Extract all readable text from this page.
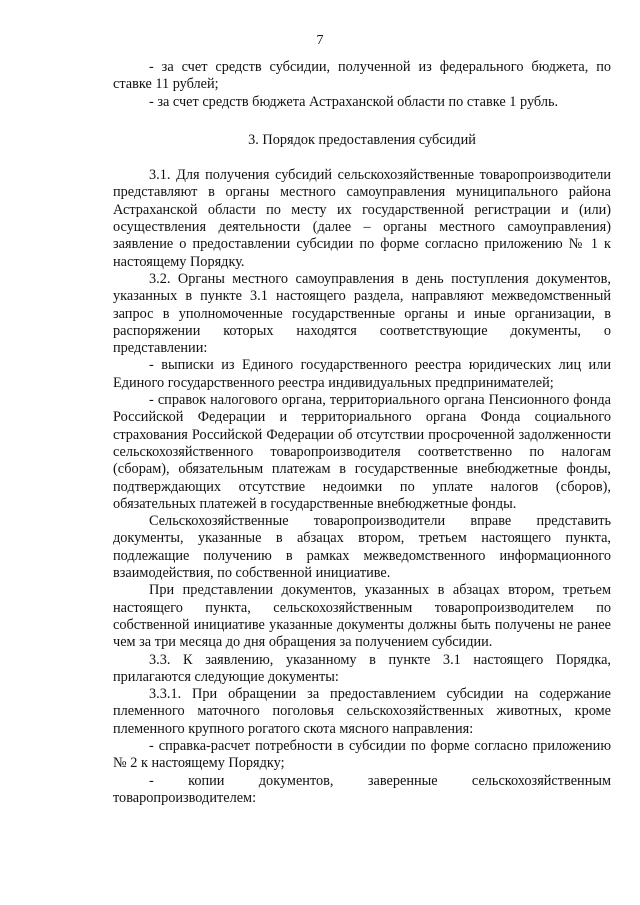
7

- за счет средств субсидии, полученной из федерального бюджета, по ставке 11 рублей;

- за счет средств бюджета Астраханской области по ставке 1 рубль.

3. Порядок предоставления субсидий

3.1. Для получения субсидий сельскохозяйственные товаропроизводители представляют в органы местного самоуправления муниципального района Астраханской области по месту их государственной регистрации и (или) осуществления деятельности (далее – органы местного самоуправления) заявление о предоставлении субсидии по форме согласно приложению № 1 к настоящему Порядку.

3.2. Органы местного самоуправления в день поступления документов, указанных в пункте 3.1 настоящего раздела, направляют межведомственный запрос в уполномоченные государственные органы и иные организации, в распоряжении которых находятся соответствующие документы, о представлении:

- выписки из Единого государственного реестра юридических лиц или Единого государственного реестра индивидуальных предпринимателей;

- справок налогового органа, территориального органа Пенсионного фонда Российской Федерации и территориального органа Фонда социального страхования Российской Федерации об отсутствии просроченной задолженности сельскохозяйственного товаропроизводителя соответственно по налогам (сборам), обязательным платежам в государственные внебюджетные фонды, подтверждающих отсутствие недоимки по уплате налогов (сборов), обязательных платежей в государственные внебюджетные фонды.

Сельскохозяйственные товаропроизводители вправе представить документы, указанные в абзацах втором, третьем настоящего пункта, подлежащие получению в рамках межведомственного информационного взаимодействия, по собственной инициативе.

При представлении документов, указанных в абзацах втором, третьем настоящего пункта, сельскохозяйственным товаропроизводителем по собственной инициативе указанные документы должны быть получены не ранее чем за три месяца до дня обращения за получением субсидии.

3.3. К заявлению, указанному в пункте 3.1 настоящего Порядка, прилагаются следующие документы:

3.3.1. При обращении за предоставлением субсидии на содержание племенного маточного поголовья сельскохозяйственных животных, кроме племенного крупного рогатого скота мясного направления:

- справка-расчет потребности в субсидии по форме согласно приложению № 2 к настоящему Порядку;

- копии документов, заверенные сельскохозяйственным товаропроизводителем:
